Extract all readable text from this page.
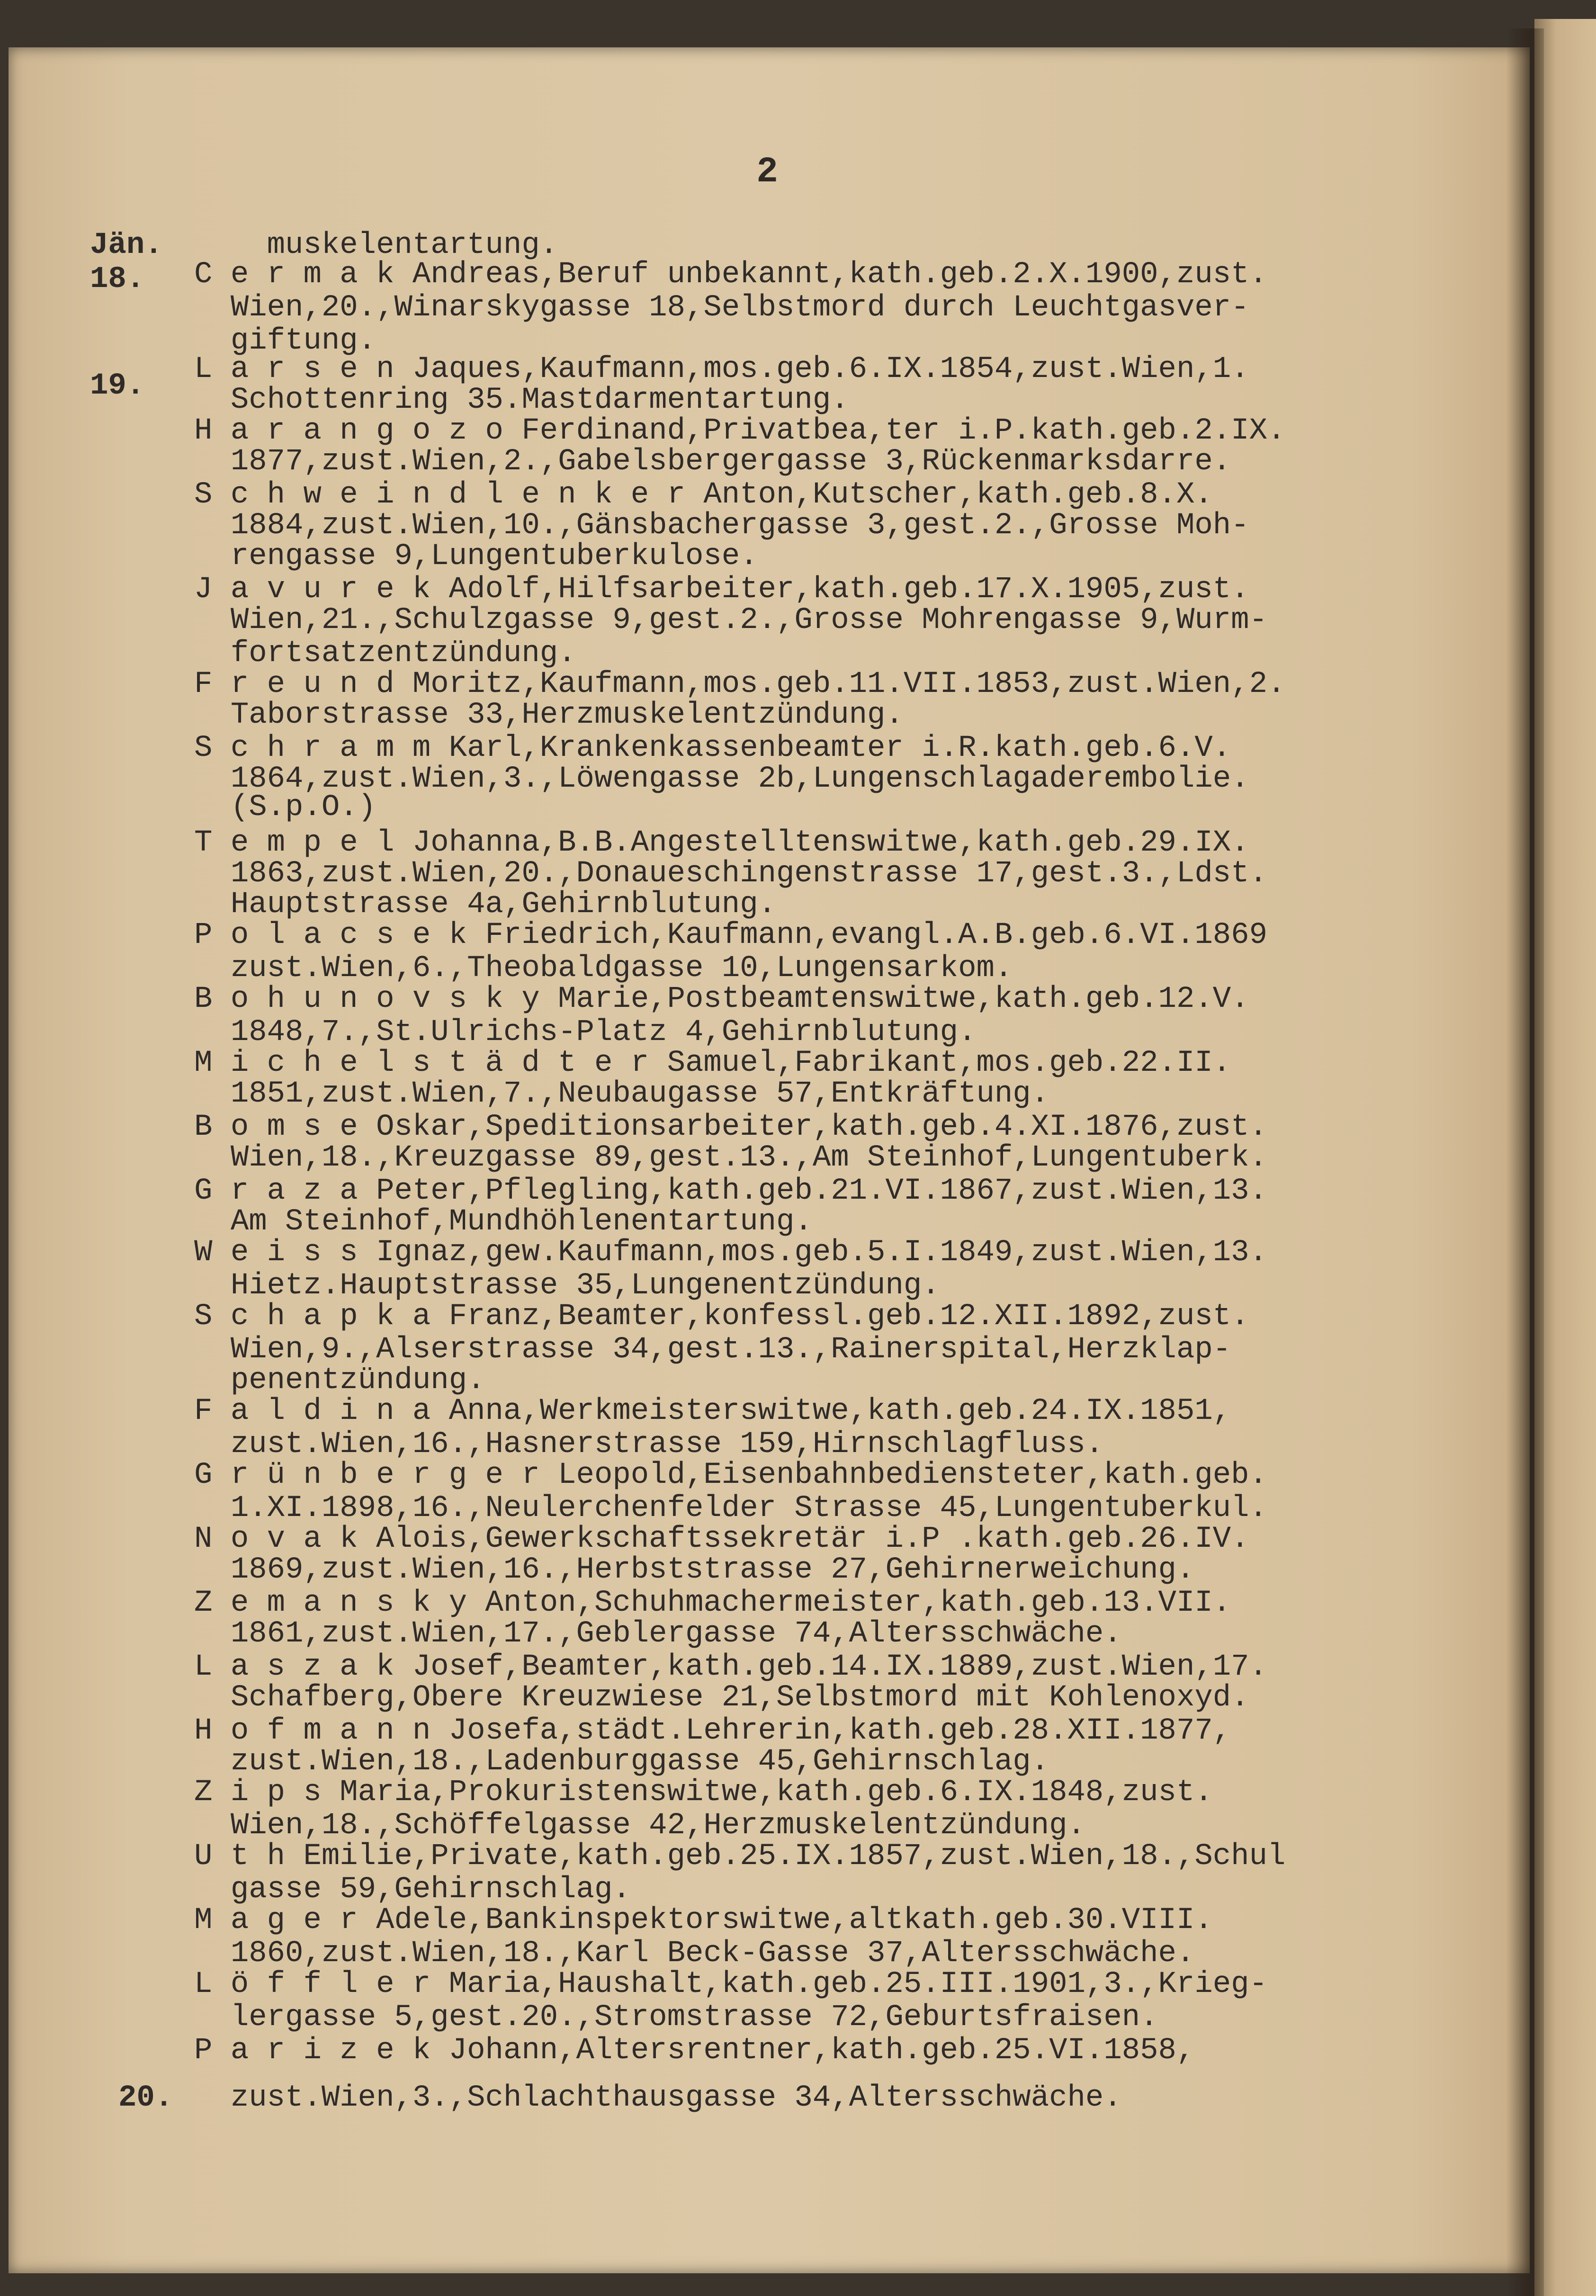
2
Jän.
18.
19.
20.
muskelentartung.
C e r m a k Andreas,Beruf unbekannt,kath.geb.2.X.1900,zust.
Wien,20.,Winarskygasse 18,Selbstmord durch Leuchtgasver-
giftung.
L a r s e n Jaques,Kaufmann,mos.geb.6.IX.1854,zust.Wien,1.
Schottenring 35.Mastdarmentartung.
H a r a n g o z o Ferdinand,Privatbea,ter i.P.kath.geb.2.IX.
1877,zust.Wien,2.,Gabelsbergergasse 3,Rückenmarksdarre.
S c h w e i n d l e n k e r Anton,Kutscher,kath.geb.8.X.
1884,zust.Wien,10.,Gänsbachergasse 3,gest.2.,Grosse Moh-
rengasse 9,Lungentuberkulose.
J a v u r e k Adolf,Hilfsarbeiter,kath.geb.17.X.1905,zust.
Wien,21.,Schulzgasse 9,gest.2.,Grosse Mohrengasse 9,Wurm-
fortsatzentzündung.
F r e u n d Moritz,Kaufmann,mos.geb.11.VII.1853,zust.Wien,2.
Taborstrasse 33,Herzmuskelentzündung.
S c h r a m m Karl,Krankenkassenbeamter i.R.kath.geb.6.V.
1864,zust.Wien,3.,Löwengasse 2b,Lungenschlagaderembolie.
(S.p.O.)
T e m p e l Johanna,B.B.Angestelltenswitwe,kath.geb.29.IX.
1863,zust.Wien,20.,Donaueschingenstrasse 17,gest.3.,Ldst.
Hauptstrasse 4a,Gehirnblutung.
P o l a c s e k Friedrich,Kaufmann,evangl.A.B.geb.6.VI.1869
zust.Wien,6.,Theobaldgasse 10,Lungensarkom.
B o h u n o v s k y Marie,Postbeamtenswitwe,kath.geb.12.V.
1848,7.,St.Ulrichs-Platz 4,Gehirnblutung.
M i c h e l s t ä d t e r Samuel,Fabrikant,mos.geb.22.II.
1851,zust.Wien,7.,Neubaugasse 57,Entkräftung.
B o m s e Oskar,Speditionsarbeiter,kath.geb.4.XI.1876,zust.
Wien,18.,Kreuzgasse 89,gest.13.,Am Steinhof,Lungentuberk.
G r a z a Peter,Pflegling,kath.geb.21.VI.1867,zust.Wien,13.
Am Steinhof,Mundhöhlenentartung.
W e i s s Ignaz,gew.Kaufmann,mos.geb.5.I.1849,zust.Wien,13.
Hietz.Hauptstrasse 35,Lungenentzündung.
S c h a p k a Franz,Beamter,konfessl.geb.12.XII.1892,zust.
Wien,9.,Alserstrasse 34,gest.13.,Rainerspital,Herzklap-
penentzündung.
F a l d i n a Anna,Werkmeisterswitwe,kath.geb.24.IX.1851,
zust.Wien,16.,Hasnerstrasse 159,Hirnschlagfluss.
G r ü n b e r g e r Leopold,Eisenbahnbediensteter,kath.geb.
1.XI.1898,16.,Neulerchenfelder Strasse 45,Lungentuberkul.
N o v a k Alois,Gewerkschaftssekretär i.P .kath.geb.26.IV.
1869,zust.Wien,16.,Herbststrasse 27,Gehirnerweichung.
Z e m a n s k y Anton,Schuhmachermeister,kath.geb.13.VII.
1861,zust.Wien,17.,Geblergasse 74,Altersschwäche.
L a s z a k Josef,Beamter,kath.geb.14.IX.1889,zust.Wien,17.
Schafberg,Obere Kreuzwiese 21,Selbstmord mit Kohlenoxyd.
H o f m a n n Josefa,städt.Lehrerin,kath.geb.28.XII.1877,
zust.Wien,18.,Ladenburggasse 45,Gehirnschlag.
Z i p s Maria,Prokuristenswitwe,kath.geb.6.IX.1848,zust.
Wien,18.,Schöffelgasse 42,Herzmuskelentzündung.
U t h Emilie,Private,kath.geb.25.IX.1857,zust.Wien,18.,Schul
gasse 59,Gehirnschlag.
M a g e r Adele,Bankinspektorswitwe,altkath.geb.30.VIII.
1860,zust.Wien,18.,Karl Beck-Gasse 37,Altersschwäche.
L ö f f l e r Maria,Haushalt,kath.geb.25.III.1901,3.,Krieg-
lergasse 5,gest.20.,Stromstrasse 72,Geburtsfraisen.
P a r i z e k Johann,Altersrentner,kath.geb.25.VI.1858,
zust.Wien,3.,Schlachthausgasse 34,Altersschwäche.
